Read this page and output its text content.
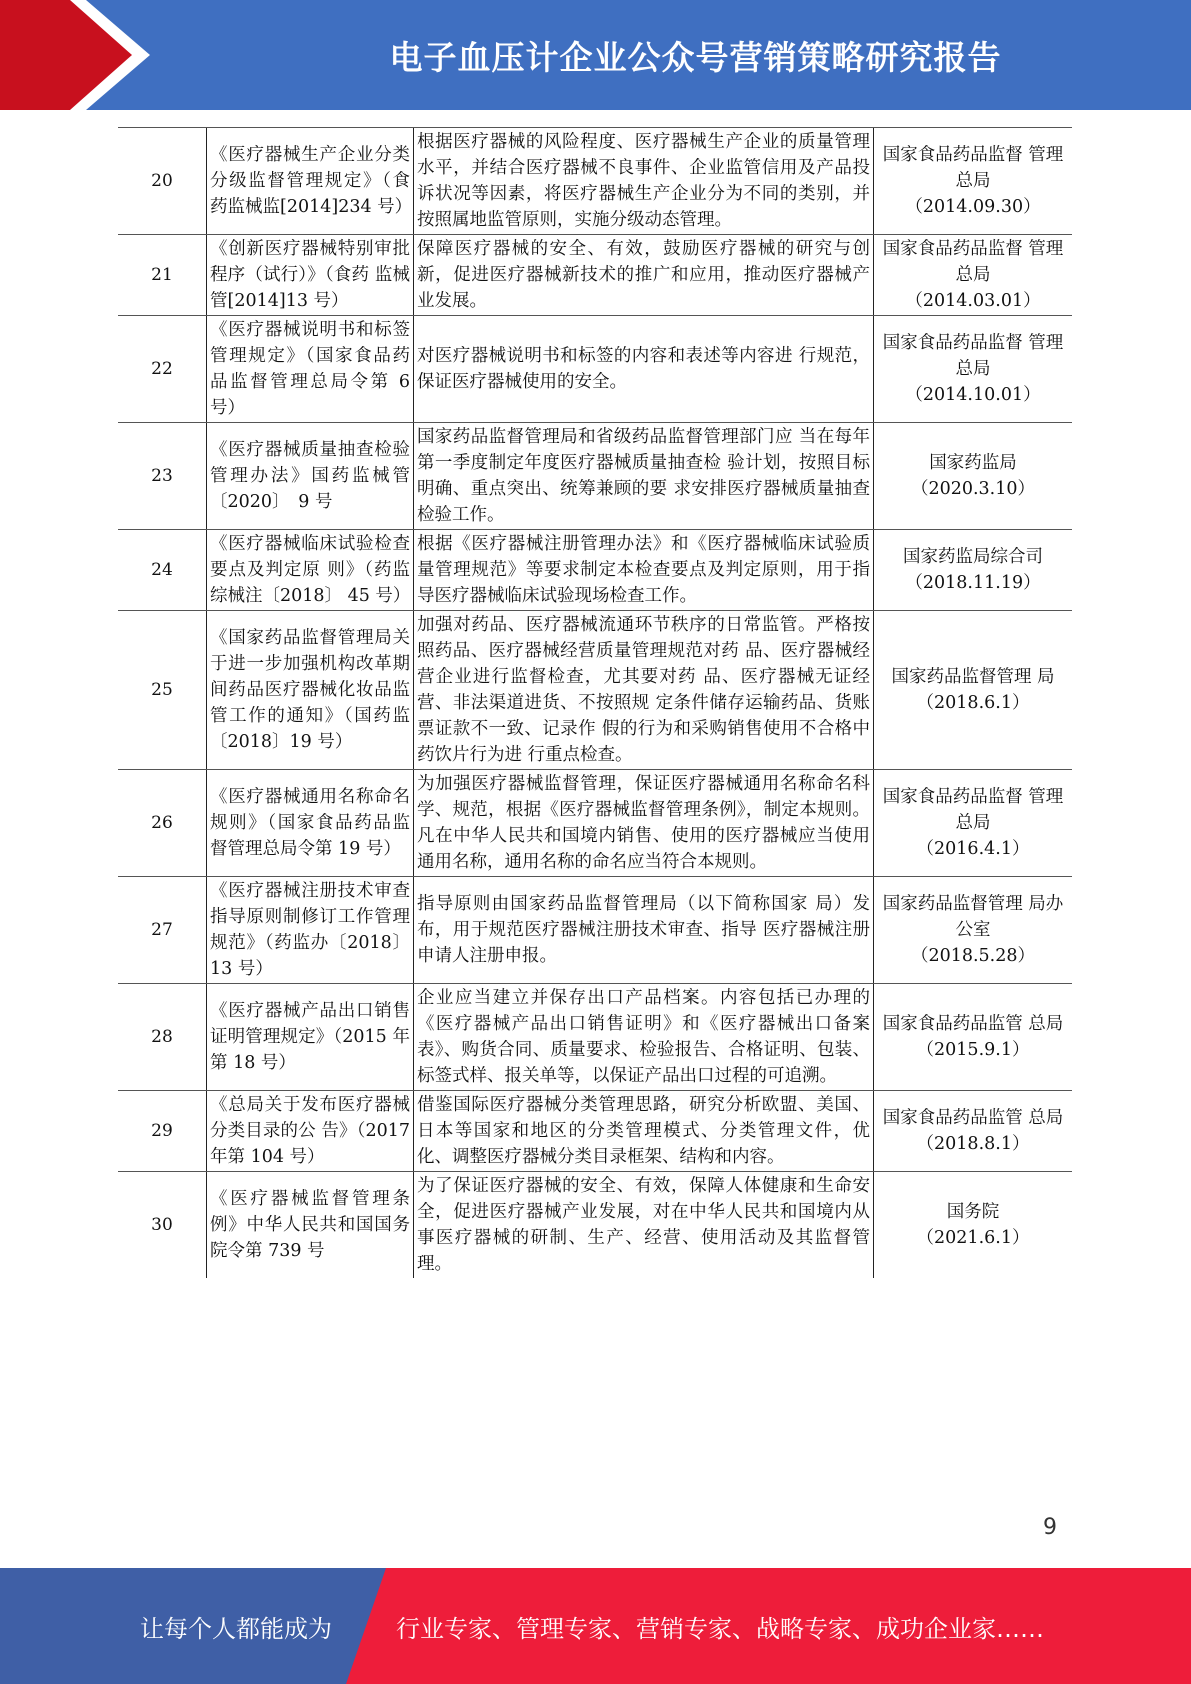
电子血压计企业公众号营销策略研究报告
20	《医疗器械生产企业分类分级监督管理规定》（食药监械监[2014]234 号）	根据医疗器械的风险程度、医疗器械生产企业的质量管理水平，并结合医疗器械不良事件、企业监管信用及产品投诉状况等因素，将医疗器械生产企业分为不同的类别，并按照属地监管原则，实施分级动态管理。	国家食品药品监督 管理总局
（2014.09.30）

21	《创新医疗器械特别审批程序（试行）》（食药 监械管[2014]13 号）	保障医疗器械的安全、有效，鼓励医疗器械的研究与创新，促进医疗器械新技术的推广和应用，推动医疗器械产业发展。	国家食品药品监督 管理总局
（2014.03.01）

22	《医疗器械说明书和标签管理规定》（国家食品药品监督管理总局令第 6 号）	对医疗器械说明书和标签的内容和表述等内容进 行规范，保证医疗器械使用的安全。	国家食品药品监督 管理总局
（2014.10.01）

23	《医疗器械质量抽查检验管理办法》国药监械管〔2020〕　9 号	国家药品监督管理局和省级药品监督管理部门应 当在每年第一季度制定年度医疗器械质量抽查检 验计划，按照目标明确、重点突出、统筹兼顾的要 求安排医疗器械质量抽查检验工作。	国家药监局
（2020.3.10）

24	《医疗器械临床试验检查要点及判定原 则》（药监综械注〔2018〕 45 号）	根据《医疗器械注册管理办法》和《医疗器械临床试验质量管理规范》等要求制定本检查要点及判定原则，用于指导医疗器械临床试验现场检查工作。	国家药监局综合司
（2018.11.19）

25	《国家药品监督管理局关于进一步加强机构改革期间药品医疗器械化妆品监管工作的通知》（国药监〔2018〕19 号）	加强对药品、医疗器械流通环节秩序的日常监管。严格按照药品、医疗器械经营质量管理规范对药 品、医疗器械经营企业进行监督检查，尤其要对药 品、医疗器械无证经营、非法渠道进货、不按照规 定条件储存运输药品、货账票证款不一致、记录作 假的行为和采购销售使用不合格中药饮片行为进 行重点检查。	国家药品监督管理 局
（2018.6.1）

26	《医疗器械通用名称命名规则》（国家食品药品监督管理总局令第 19 号）	为加强医疗器械监督管理，保证医疗器械通用名称命名科学、规范，根据《医疗器械监督管理条例》，制定本规则。凡在中华人民共和国境内销售、使用的医疗器械应当使用通用名称，通用名称的命名应当符合本规则。	国家食品药品监督 管理总局
（2016.4.1）

27	《医疗器械注册技术审查指导原则制修订工作管理规范》（药监办〔2018〕13 号）	指导原则由国家药品监督管理局（以下简称国家 局）发布，用于规范医疗器械注册技术审查、指导 医疗器械注册申请人注册申报。	国家药品监督管理 局办公室
（2018.5.28）

28	《医疗器械产品出口销售证明管理规定》（2015 年第 18 号）	企业应当建立并保存出口产品档案。内容包括已办理的《医疗器械产品出口销售证明》和《医疗器械出口备案表》、购货合同、质量要求、检验报告、合格证明、包装、标签式样、报关单等，以保证产品出口过程的可追溯。	国家食品药品监管 总局
（2015.9.1）

29	《总局关于发布医疗器械分类目录的公 告》（2017 年第 104 号）	借鉴国际医疗器械分类管理思路，研究分析欧盟、美国、日本等国家和地区的分类管理模式、分类管理文件，优化、调整医疗器械分类目录框架、结构和内容。	国家食品药品监管 总局
（2018.8.1）

30	《医疗器械监督管理条例》中华人民共和国国务院令第 739 号	为了保证医疗器械的安全、有效，保障人体健康和生命安全，促进医疗器械产业发展，对在中华人民共和国境内从事医疗器械的研制、生产、经营、使用活动及其监督管理。	国务院
（2021.6.1）
9
让每个人都能成为	行业专家、管理专家、营销专家、战略专家、成功企业家……
